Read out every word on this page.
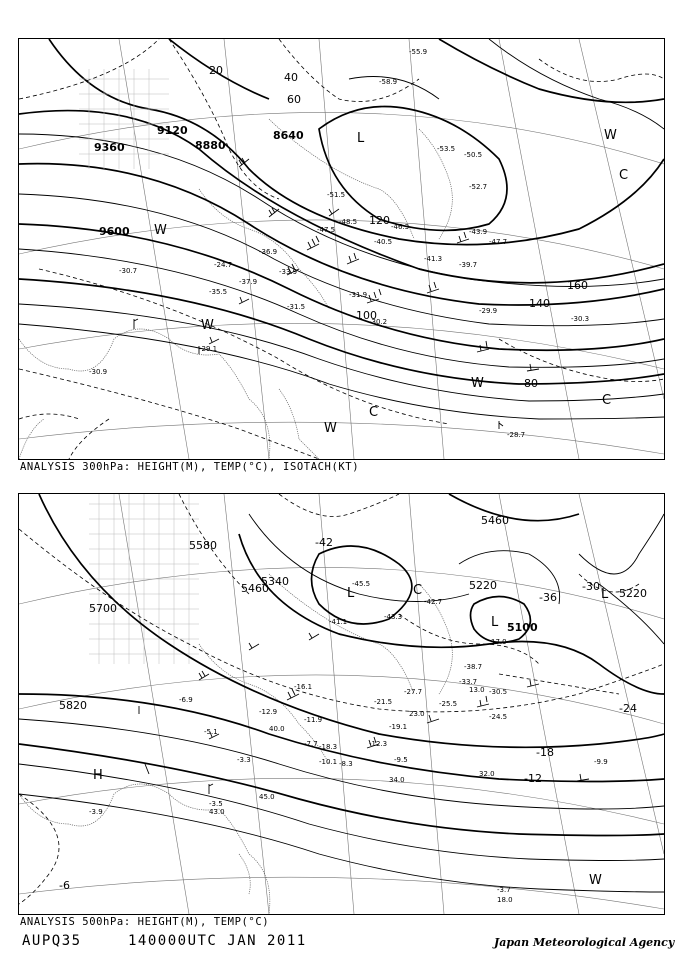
9120
9360	8880
8640
9600
20
40
60
80
100
120
140
160
L
W
C
C
W
W
W
C
W
-50.5
-52.7
-53.5
-51.5
-48.5
-47.5	-46.3
-41.3
-43.9
-30.7
-35.5
-39.7
-33.9
-31.5
-30.2
-31.9
-30.3
-29.9
-29.1
-30.9
-28.7
-24.7
-40.5
-36.9
-37.9
-55.9
-58.9
-47.7
ANALYSIS 300hPa: HEIGHT(M), TEMP(°C), ISOTACH(KT)
5700
5580
5460
5340	5220
5100
5220
5460
5820
-42
-36
-30
-24
-18
-12
-6
C
L
L
L
H
W
-45.5
-43.3
-42.7
-41.1
-38.7
-33.7
-30.5
-27.7
-25.5
-24.5
-21.5
-19.1
-18.3
-16.1
-12.9
-12.3
-11.9
-10.1	-9.9
-9.5
-8.3
-7.7
-6.9
-5.1
-3.9
-3.7
-3.5
-3.3
13.0
17.0
23.0
32.0
34.0
40.0
43.0
45.0
18.0
ANALYSIS 500hPa: HEIGHT(M), TEMP(°C)
AUPQ35	140000UTC JAN 2011	Japan Meteorological Agency
